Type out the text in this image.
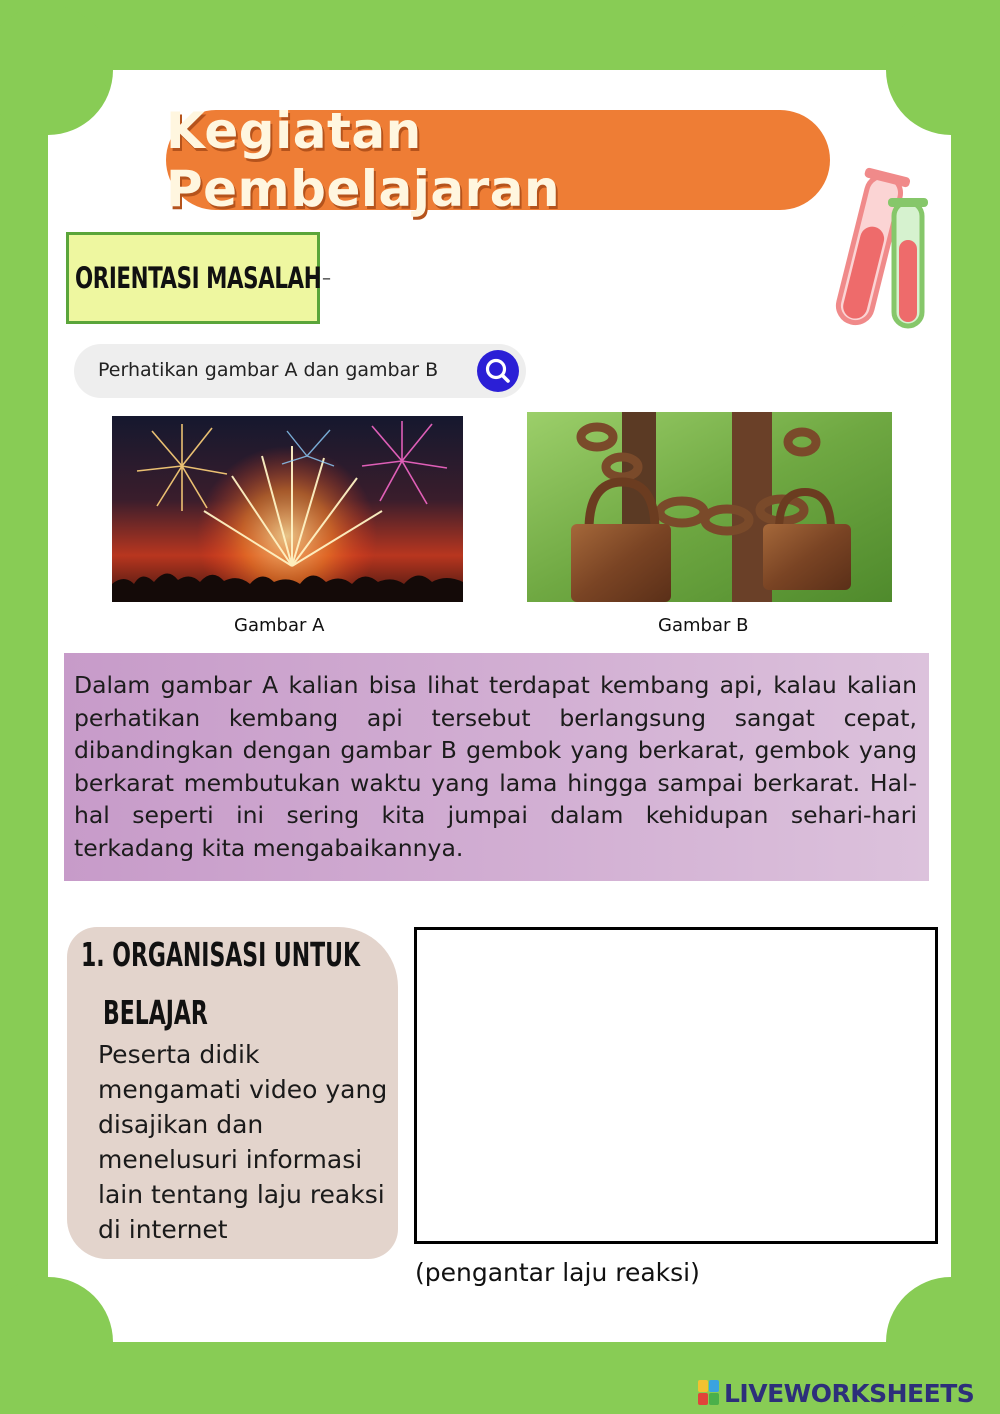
Kegiatan Pembelajaran
ORIENTASI MASALAH –
Perhatikan gambar A dan gambar B
Gambar A	Gambar B
Dalam gambar A kalian bisa lihat terdapat kembang api, kalau kalian perhatikan kembang api tersebut berlangsung sangat cepat, dibandingkan dengan gambar B gembok yang berkarat, gembok yang berkarat membutukan waktu yang lama hingga sampai berkarat. Hal-hal seperti ini sering kita jumpai dalam kehidupan sehari-hari terkadang kita mengabaikannya.
1. ORGANISASI UNTUK
BELAJAR
Peserta didik mengamati video yang disajikan dan menelusuri informasi lain tentang laju reaksi di internet
(pengantar laju reaksi)
LIVEWORKSHEETS
